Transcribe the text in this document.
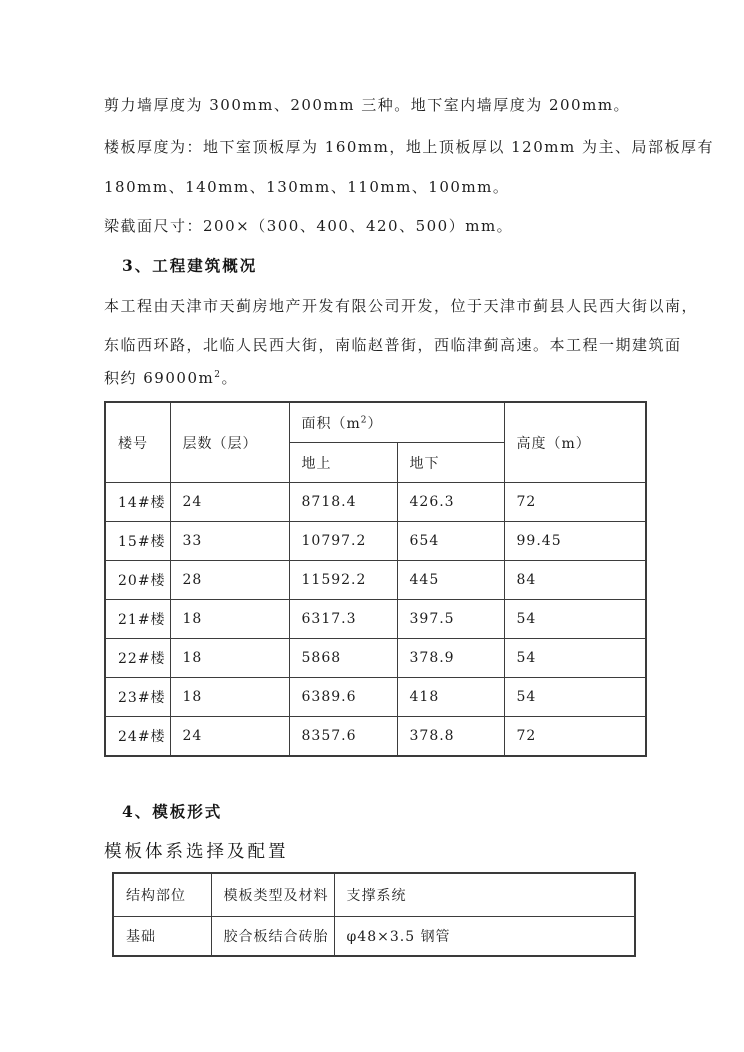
剪力墙厚度为 300mm、200mm 三种。地下室内墙厚度为 200mm。
楼板厚度为：地下室顶板厚为 160mm，地上顶板厚以 120mm 为主、局部板厚有
180mm、140mm、130mm、110mm、100mm。
梁截面尺寸：200×（300、400、420、500）mm。
3、工程建筑概况
本工程由天津市天蓟房地产开发有限公司开发，位于天津市蓟县人民西大街以南，
东临西环路，北临人民西大街，南临赵普街，西临津蓟高速。本工程一期建筑面
积约 $69000m^2$。
楼号	层数（层）	面积$(m^2)$		高度（m）
		地上	地下	
14#楼	24	8718.4	426.3	72
15#楼	33	10797.2	654	99.45
20#楼	28	11592.2	445	84
21#楼	18	6317.3	397.5	54
22#楼	18	5868	378.9	54
23#楼	18	6389.6	418	54
24#楼	24	8357.6	378.8	72
4、模板形式
模板体系选择及配置
结构部位	模板类型及材料	支撑系统
基础	胶合板结合砖胎	φ48×3.5 钢管
